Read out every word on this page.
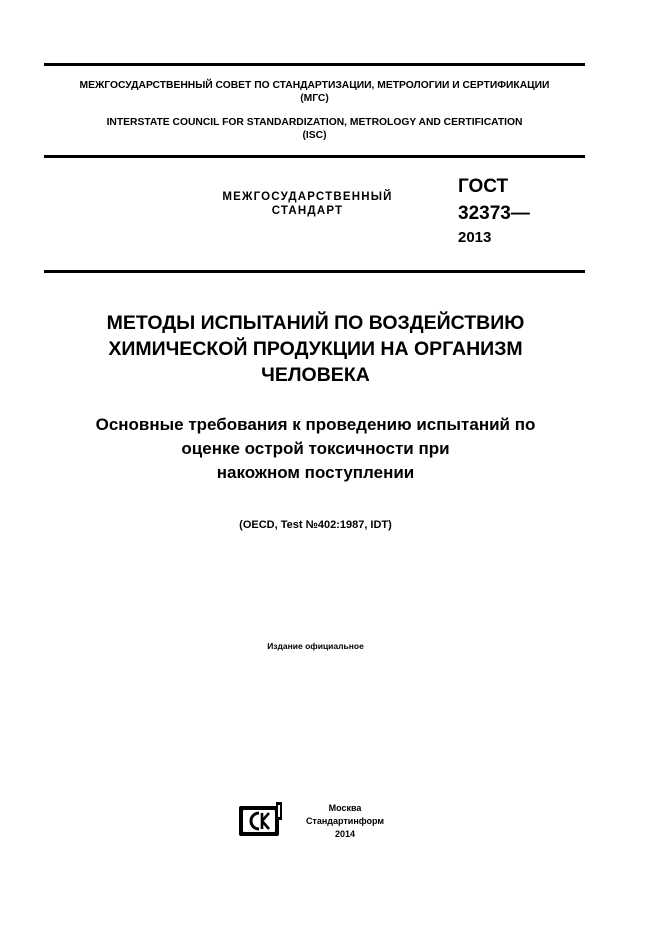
МЕЖГОСУДАРСТВЕННЫЙ СОВЕТ ПО СТАНДАРТИЗАЦИИ, МЕТРОЛОГИИ И СЕРТИФИКАЦИИ
(МГС)
INTERSTATE COUNCIL FOR STANDARDIZATION, METROLOGY AND CERTIFICATION
(ISC)
МЕЖГОСУДАРСТВЕННЫЙ
СТАНДАРТ
ГОСТ
32373—
2013
МЕТОДЫ ИСПЫТАНИЙ ПО ВОЗДЕЙСТВИЮ
ХИМИЧЕСКОЙ ПРОДУКЦИИ НА ОРГАНИЗМ
ЧЕЛОВЕКА
Основные требования к проведению испытаний по
оценке острой токсичности при
накожном поступлении
(OECD, Test №402:1987, IDT)
Издание официальное
Москва
Стандартинформ
2014
